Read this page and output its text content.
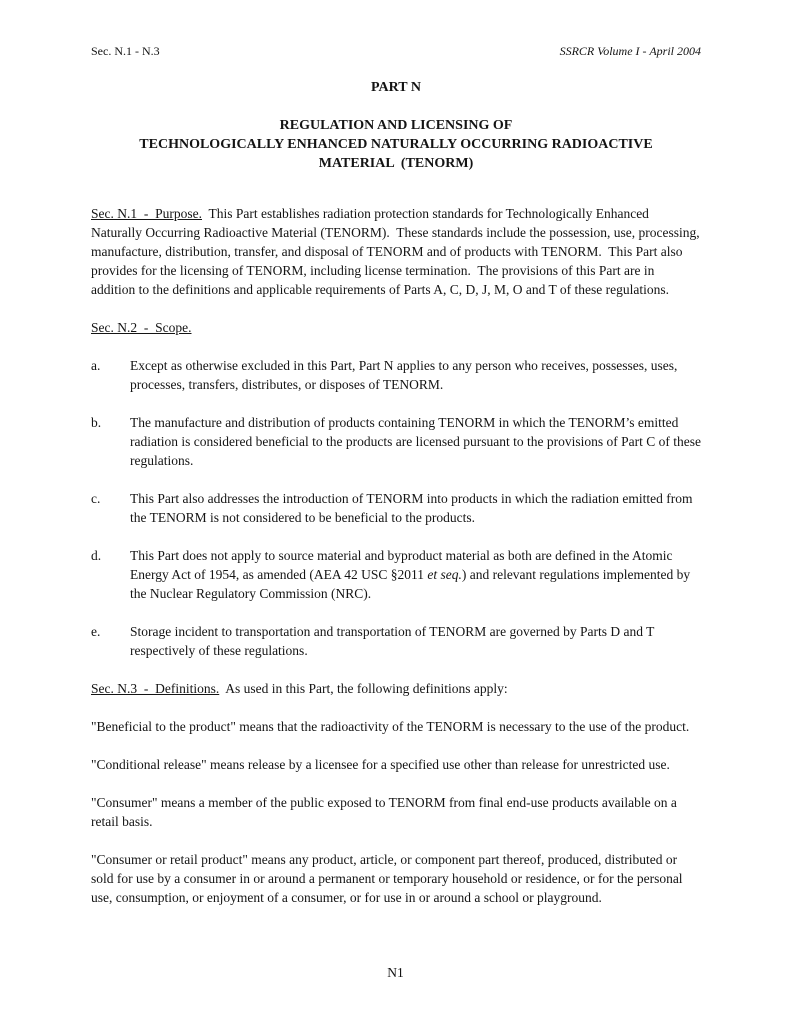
Sec. N.1 - N.3	SSRCR Volume I - April 2004
PART N
REGULATION AND LICENSING OF
TECHNOLOGICALLY ENHANCED NATURALLY OCCURRING RADIOACTIVE
MATERIAL  (TENORM)

Sec. N.1  -  Purpose.  This Part establishes radiation protection standards for Technologically Enhanced Naturally Occurring Radioactive Material (TENORM).  These standards include the possession, use, processing, manufacture, distribution, transfer, and disposal of TENORM and of products with TENORM.  This Part also provides for the licensing of TENORM, including license termination.  The provisions of this Part are in addition to the definitions and applicable requirements of Parts A, C, D, J, M, O and T of these regulations.

Sec. N.2  -  Scope.

a.	Except as otherwise excluded in this Part, Part N applies to any person who receives, possesses, uses, processes, transfers, distributes, or disposes of TENORM.
b.	The manufacture and distribution of products containing TENORM in which the TENORM’s emitted radiation is considered beneficial to the products are licensed pursuant to the provisions of Part C of these regulations.
c.	This Part also addresses the introduction of TENORM into products in which the radiation emitted from the TENORM is not considered to be beneficial to the products.
d.	This Part does not apply to source material and byproduct material as both are defined in the Atomic Energy Act of 1954, as amended (AEA 42 USC §2011 et seq.) and relevant regulations implemented by the Nuclear Regulatory Commission (NRC).
e.	Storage incident to transportation and transportation of TENORM are governed by Parts D and T respectively of these regulations.

Sec. N.3  -  Definitions.  As used in this Part, the following definitions apply:

"Beneficial to the product" means that the radioactivity of the TENORM is necessary to the use of the product.

"Conditional release" means release by a licensee for a specified use other than release for unrestricted use.

"Consumer" means a member of the public exposed to TENORM from final end-use products available on a retail basis.

"Consumer or retail product" means any product, article, or component part thereof, produced, distributed or sold for use by a consumer in or around a permanent or temporary household or residence, or for the personal use, consumption, or enjoyment of a consumer, or for use in or around a school or playground.

N1
